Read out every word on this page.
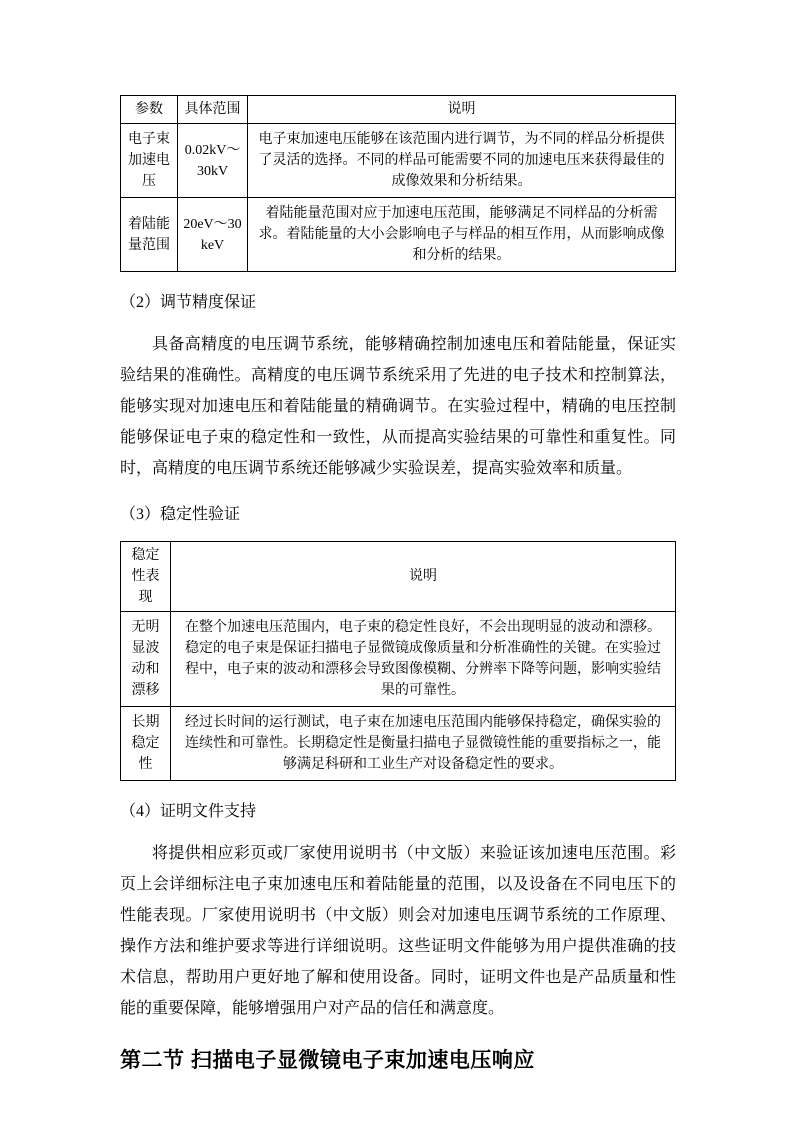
参数	具体范围	说明
电子束加速电压	0.02kV～30kV	电子束加速电压能够在该范围内进行调节，为不同的样品分析提供了灵活的选择。不同的样品可能需要不同的加速电压来获得最佳的成像效果和分析结果。
着陆能量范围	20eV～30keV	着陆能量范围对应于加速电压范围，能够满足不同样品的分析需求。着陆能量的大小会影响电子与样品的相互作用，从而影响成像和分析的结果。
（2）调节精度保证

具备高精度的电压调节系统，能够精确控制加速电压和着陆能量，保证实验结果的准确性。高精度的电压调节系统采用了先进的电子技术和控制算法，能够实现对加速电压和着陆能量的精确调节。在实验过程中，精确的电压控制能够保证电子束的稳定性和一致性，从而提高实验结果的可靠性和重复性。同时，高精度的电压调节系统还能够减少实验误差，提高实验效率和质量。

（3）稳定性验证
稳定性表现	说明
无明显波动和漂移	在整个加速电压范围内，电子束的稳定性良好，不会出现明显的波动和漂移。稳定的电子束是保证扫描电子显微镜成像质量和分析准确性的关键。在实验过程中，电子束的波动和漂移会导致图像模糊、分辨率下降等问题，影响实验结果的可靠性。
长期稳定性	经过长时间的运行测试，电子束在加速电压范围内能够保持稳定，确保实验的连续性和可靠性。长期稳定性是衡量扫描电子显微镜性能的重要指标之一，能够满足科研和工业生产对设备稳定性的要求。
（4）证明文件支持

将提供相应彩页或厂家使用说明书（中文版）来验证该加速电压范围。彩页上会详细标注电子束加速电压和着陆能量的范围，以及设备在不同电压下的性能表现。厂家使用说明书（中文版）则会对加速电压调节系统的工作原理、操作方法和维护要求等进行详细说明。这些证明文件能够为用户提供准确的技术信息，帮助用户更好地了解和使用设备。同时，证明文件也是产品质量和性能的重要保障，能够增强用户对产品的信任和满意度。

第二节 扫描电子显微镜电子束加速电压响应
